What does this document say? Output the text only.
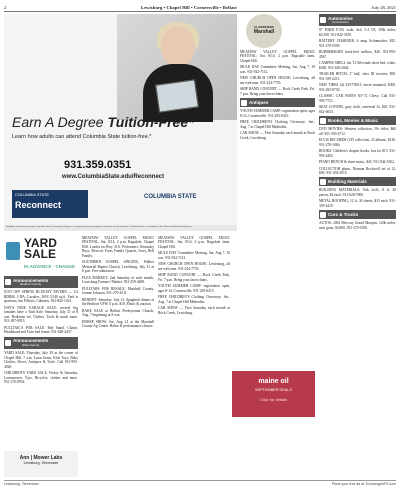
2	Lewisburg • Chapel Hill • Cornersville • Belfast	July 28, 2021
Earn A Degree Tuition-Free*
Learn how adults can attend Columbia State tuition-free.*
931.359.0351
www.ColumbiaState.edu/Reconnect
COLUMBIA STATE
Reconnect
COLUMBIA STATE
*Eligibility requirements apply. Columbia State Community College is an equal opportunity employer and does not discriminate. Columbia State is a member of the Tennessee Board of Regents.
CLASSIFIEDS
Marshall
Announcements
Bedford County

JUST OFF SPRING BLUEJAY TAVERN — 1/2 BDRM, 2 BA, Cavalier, 2018 3,540 sq.ft. Yard is spacious, has Pillows, Cabinets. 931-842-1023.

DAY'S NINE GARAGE SALE: several big families have a Yard Sale: Saturday, July 31 at 8 a.m. Bedroom set, Clothes, Tools & much more. 931-287-0913.

PULLTAIL'S FOR SALE: Bed Stand, Chaise, Headboard and Twin bed frame. 931-628-4437.

Announcements
Giles County

YARD SALE, Thursday, July 29 at the corner of Chapel Hill, 7 a.m. Lawn Items, Kids Toys, Baby Clothes, Decor, Antiques & Tools. Call 931-993-4020.

CHILDREN'S YARD SALE, Friday & Saturday. Lawnmower, Toys, Bicycles, clothes and more. 931-270-0934.

YARD
SALE
IN ADVANCE · CHANGE

MEADOW VALLEY GOSPEL MUSIC FESTIVAL, Sat. 8/14, 2 p.m. Ragsdale, Chapel Hill, 2 miles on Hwy 31A. Performers: Kentucky Boys, Revival, Foots Family Quartet, Ivory, Bell Family.

SOUTHERN GOSPEL SINGING, Walker Memorial Baptist Church, Lewisburg, July 31 at 6 p.m. Free admission.

FLEA MARKET: 2nd Saturday of each month, Lewisburg Farmers' Market. 931-359-4489.

PULLTABS FOR RESALE: Marshall County, Joanne Johnson, 931-270-4311.

BENEFIT: Saturday, July 31. Spaghetti dinner at the Bedford VFW, 6 p.m. $10. Music & auction.

BAKE SALE at Belfast Presbyterian Church, Aug. 7 beginning at 8 a.m.

HORSE SHOW, Sat. Aug 14 at the Marshall County Ag Center. Halter & performance classes.

MEADOW VALLEY GOSPEL MUSIC FESTIVAL: Sat. 8/14, 2 p.m. Ragsdale farm, Chapel Hill.

MULE DAY Committee Meeting, Sat. Aug 7, 10 a.m. 931-922-7112.

NEW CHURCH OPEN HOUSE: Lewisburg, all are welcome. 931-224-7755.

SHIP BAND CONCERT — Rock Creek Park, Fri. 7 p.m. Bring your lawn chairs.

YOUTH SUMMER CAMP: registration open, ages 8-14, Cornersville. 931-293-0415.

FREE CHILDREN'S Clothing Giveaway: Sat., Aug. 7 at Chapel Hill Methodist.

CAR SHOW — First Saturday each month at Rock Creek, Lewisburg.

MEADOW VALLEY GOSPEL MUSIC FESTIVAL: Sat. 8/14, 2 p.m. Ragsdale farm, Chapel Hill.

MULE DAY Committee Meeting, Sat. Aug 7, 10 a.m. 931-922-7112.

NEW CHURCH OPEN HOUSE: Lewisburg, all are welcome. 931-224-7755.

SHIP BAND CONCERT — Rock Creek Park, Fri. 7 p.m. Bring your lawn chairs.

Antiques

YOUTH SUMMER CAMP: registration open, ages 8-14, Cornersville. 931-293-0415.

FREE CHILDREN'S Clothing Giveaway: Sat., Aug. 7 at Chapel Hill Methodist.

CAR SHOW — First Saturday each month at Rock Creek, Lewisburg.

maine oil
SEPTEMBER DEALS
Click for details
Automotive
Accessories

97 FORD F150, xcab, 4x4, 5.4 V8, 190k miles, $4,500. 931-842-3359.

BATTERY CHARGER, 6 amp, Schumacher, $25. 931-270-5509.

RUBBERMAID truck-bed toolbox, $40. 931-993-4567.

CAMPER SHELL fits '12 Silverado short bed, white, $300. 931-628-2044.

TRAILER HITCH, 2" ball, class III receiver, $50. 931-359-2211.

NEW TIRES (4) 235/75R15, never mounted, $300. 931-292-8730.

CLASSIC CAR PARTS '65-'72 Chevy. Call 931-993-7721.

SEAT COVERS, gray cloth, universal fit, $20. 931-842-6655.

Books, Movies & Music

DVD MOVIES: Western collection, 50+ titles, $60 all. 931-359-4712.

ELVIS RECORDS (LP) collection, 22 albums, $120. 931-270-1066.

BOOKS: Children's chapter books, box lot $15. 931-993-4402.

PIANO BENCH & sheet music, $45. 931-842-3302.

COLLECTOR plates, Norman Rockwell set of 12, $90. 931-292-5015.

Building Materials

BUILDING MATERIALS: Oak 2x4's, 8 ft, 40 pieces, $4 each. 931-628-7000.

METAL ROOFING, 12 ft, 30 sheets, $15 each. 931-359-4410.

Cars & Trucks

AUTOS: 2004 Mercury Grand Marquis, 120k miles, runs great, $3,800. 931-270-5550.

Ann | Mower Labs
Lewisburg, Tennessee
Lewisburg, Tennessee	Place your free ad at: ExchangeAFS.com
